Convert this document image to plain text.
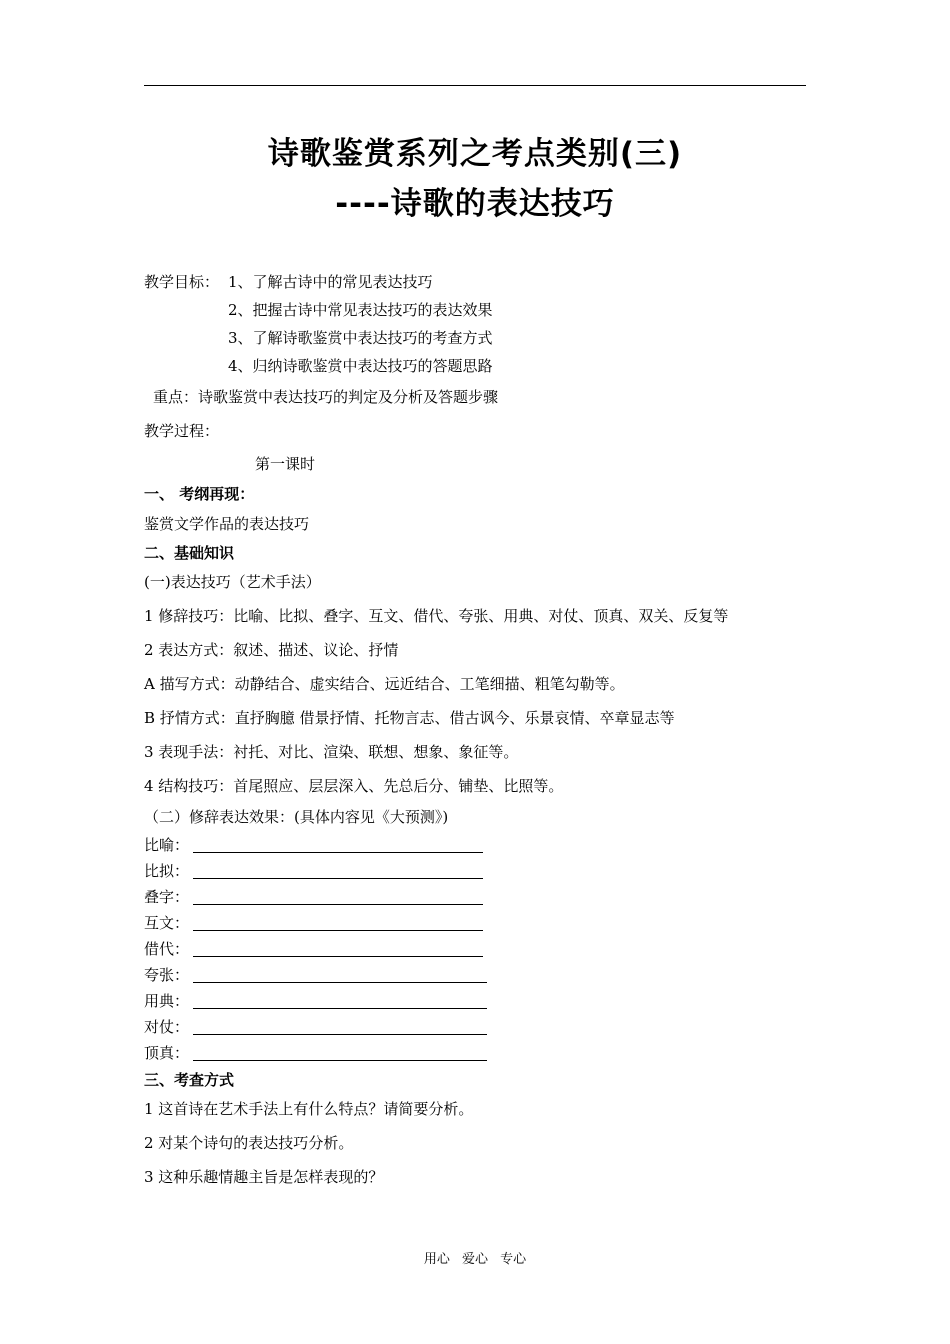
诗歌鉴赏系列之考点类别(三)
----诗歌的表达技巧
教学目标： 1、了解古诗中的常见表达技巧
2、把握古诗中常见表达技巧的表达效果
3、了解诗歌鉴赏中表达技巧的考查方式
4、归纳诗歌鉴赏中表达技巧的答题思路
重点：诗歌鉴赏中表达技巧的判定及分析及答题步骤
教学过程：
第一课时
一、 考纲再现：
鉴赏文学作品的表达技巧
二、基础知识
(一)表达技巧（艺术手法）
1 修辞技巧：比喻、比拟、叠字、互文、借代、夸张、用典、对仗、顶真、双关、反复等
2 表达方式：叙述、描述、议论、抒情
A 描写方式：动静结合、虚实结合、远近结合、工笔细描、粗笔勾勒等。
B 抒情方式：直抒胸臆 借景抒情、托物言志、借古讽今、乐景哀情、卒章显志等
3 表现手法：衬托、对比、渲染、联想、想象、象征等。
4 结构技巧：首尾照应、层层深入、先总后分、铺垫、比照等。
（二）修辞表达效果：(具体内容见《大预测》)
比喻：
比拟：
叠字：
互文：
借代：
夸张：
用典：
对仗：
顶真：
三、考查方式
1 这首诗在艺术手法上有什么特点？请简要分析。
2 对某个诗句的表达技巧分析。
3 这种乐趣情趣主旨是怎样表现的？
用心 爱心 专心
